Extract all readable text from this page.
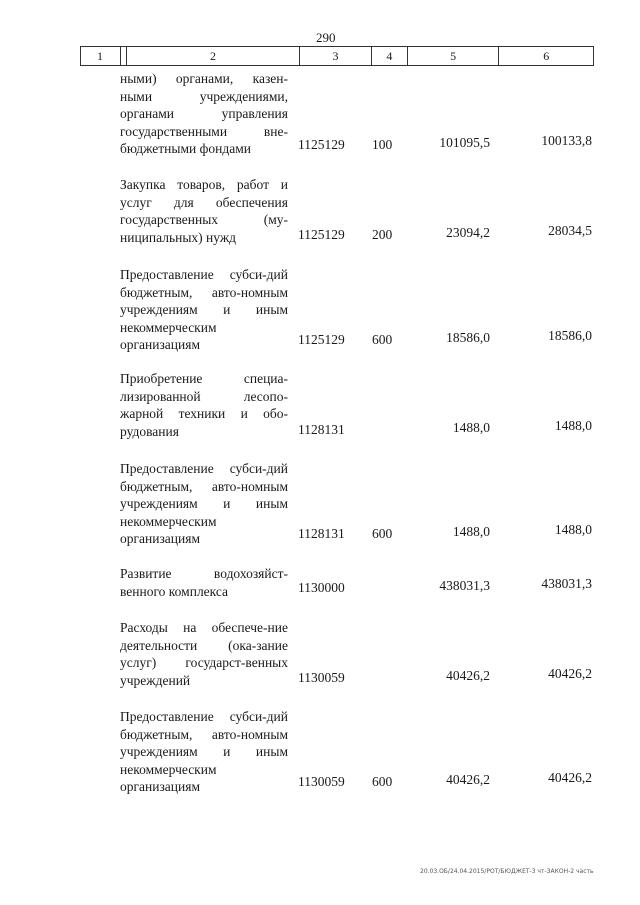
290
1	2	3	4	5	6
ными) органами, казен-ными учреждениями, органами управления государственными вне-бюджетными фондами	1125129 100	101095,5	100133,8
Закупка товаров, работ и услуг для обеспечения государственных (му-ниципальных) нужд	1125129 200	23094,2	28034,5
Предоставление субси-дий бюджетным, авто-номным учреждениям и иным некоммерческим организациям	1125129 600	18586,0	18586,0
Приобретение специа-лизированной лесопо-жарной техники и обо-рудования	1128131	1488,0	1488,0
Предоставление субси-дий бюджетным, авто-номным учреждениям и иным некоммерческим организациям	1128131 600	1488,0	1488,0
Развитие водохозяйст-венного комплекса	1130000	438031,3	438031,3
Расходы на обеспече-ние деятельности (ока-зание услуг) государст-венных учреждений	1130059	40426,2	40426,2
Предоставление субси-дий бюджетным, авто-номным учреждениям и иным некоммерческим организациям	1130059 600	40426,2	40426,2
20.03.ОБ/24.04.2015/РОТ/БЮДЖЕТ-3 чт-ЗАКОН-2 часть
